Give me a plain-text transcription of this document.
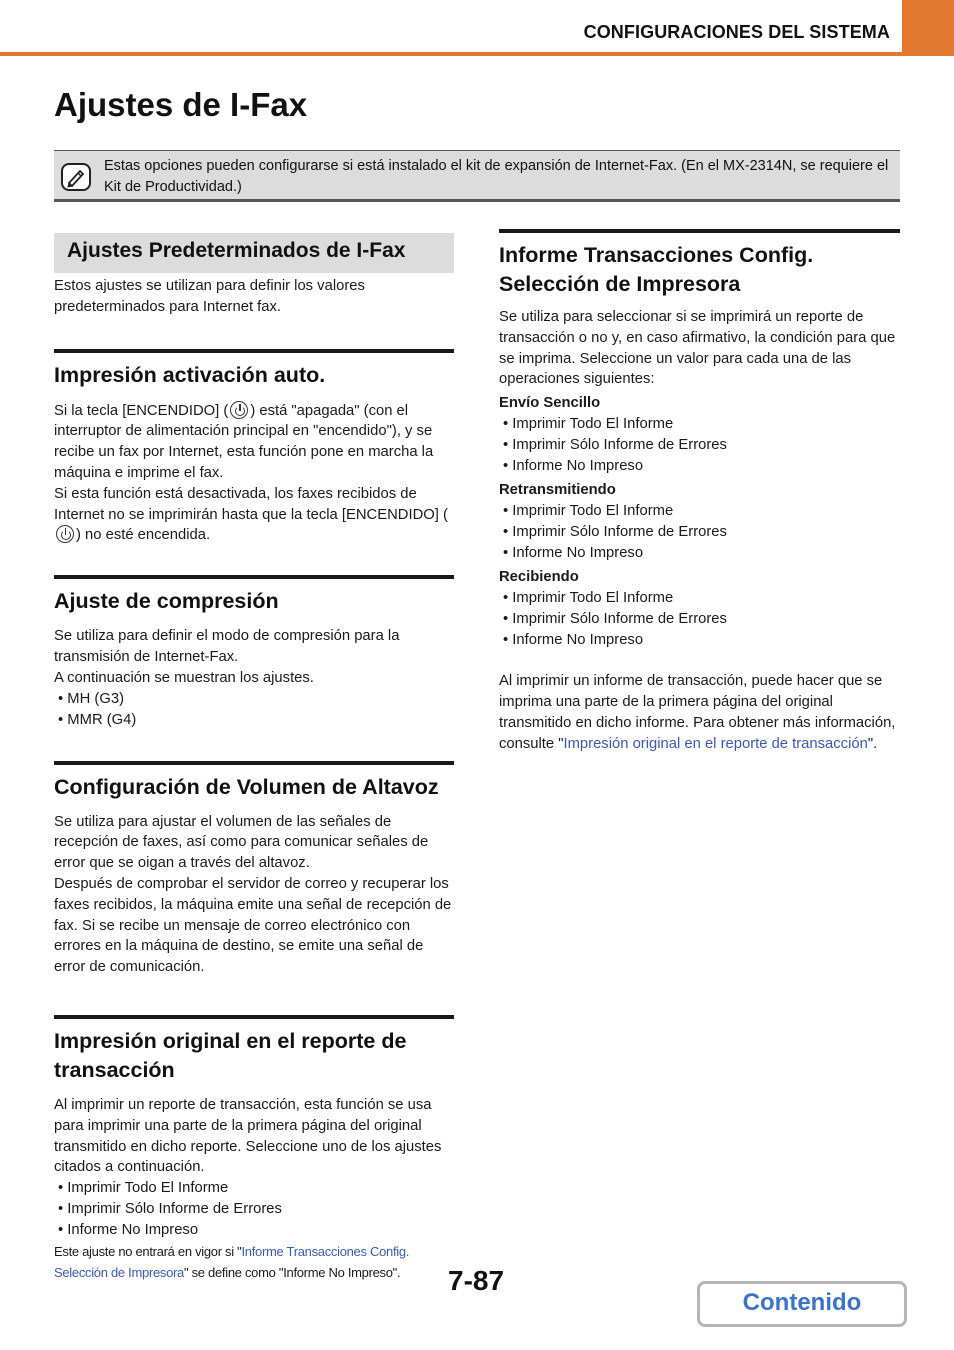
CONFIGURACIONES DEL SISTEMA
Ajustes de I-Fax
Estas opciones pueden configurarse si está instalado el kit de expansión de Internet-Fax. (En el MX-2314N, se requiere el Kit de Productividad.)
Ajustes Predeterminados de I-Fax

Estos ajustes se utilizan para definir los valores predeterminados para Internet fax.

Impresión activación auto.

Si la tecla [ENCENDIDO] ( ) está "apagada" (con el interruptor de alimentación principal en "encendido"), y se recibe un fax por Internet, esta función pone en marcha la máquina e imprime el fax.
Si esta función está desactivada, los faxes recibidos de Internet no se imprimirán hasta que la tecla [ENCENDIDO] () no esté encendida.

Ajuste de compresión

Se utiliza para definir el modo de compresión para la transmisión de Internet-Fax.
A continuación se muestran los ajustes.

• MH (G3)
• MMR (G4)
Configuración de Volumen de Altavoz

Se utiliza para ajustar el volumen de las señales de recepción de faxes, así como para comunicar señales de error que se oigan a través del altavoz.
Después de comprobar el servidor de correo y recuperar los faxes recibidos, la máquina emite una señal de recepción de fax. Si se recibe un mensaje de correo electrónico con errores en la máquina de destino, se emite una señal de error de comunicación.

Impresión original en el reporte de transacción

Al imprimir un reporte de transacción, esta función se usa para imprimir una parte de la primera página del original transmitido en dicho reporte. Seleccione uno de los ajustes citados a continuación.

• Imprimir Todo El Informe
• Imprimir Sólo Informe de Errores
• Informe No Impreso

Este ajuste no entrará en vigor si "Informe Transacciones Config. Selección de Impresora" se define como "Informe No Impreso".

Informe Transacciones Config. Selección de Impresora

Se utiliza para seleccionar si se imprimirá un reporte de transacción o no y, en caso afirmativo, la condición para que se imprima. Seleccione un valor para cada una de las operaciones siguientes:

Envío Sencillo
• Imprimir Todo El Informe
• Imprimir Sólo Informe de Errores
• Informe No Impreso
Retransmitiendo
• Imprimir Todo El Informe
• Imprimir Sólo Informe de Errores
• Informe No Impreso
Recibiendo
• Imprimir Todo El Informe
• Imprimir Sólo Informe de Errores
• Informe No Impreso

Al imprimir un informe de transacción, puede hacer que se imprima una parte de la primera página del original transmitido en dicho informe. Para obtener más información, consulte "Impresión original en el reporte de transacción".

7-87
Contenido
